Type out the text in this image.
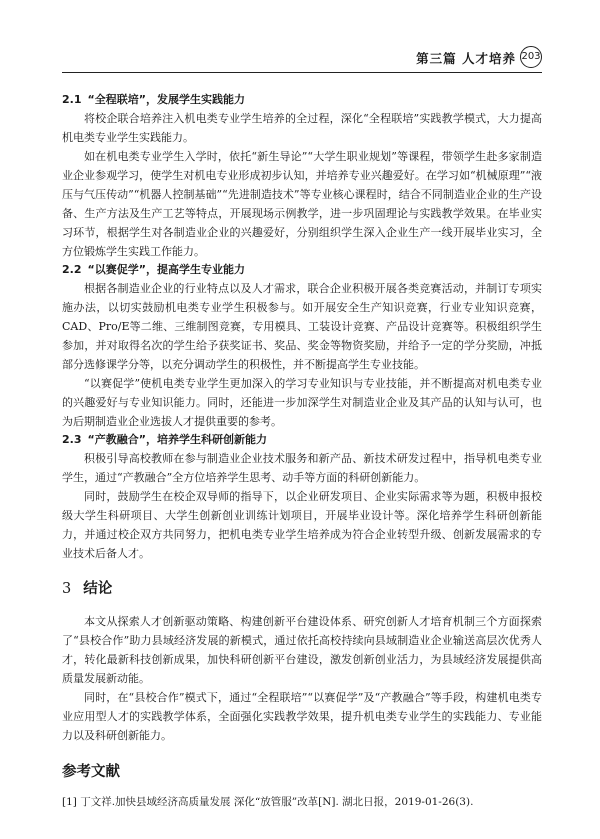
第三篇 人才培养 203

2.1 “全程联培”，发展学生实践能力

将校企联合培养注入机电类专业学生培养的全过程，深化“全程联培”实践教学模式，大力提高机电类专业学生实践能力。

如在机电类专业学生入学时，依托“新生导论”“大学生职业规划”等课程，带领学生赴多家制造业企业参观学习，使学生对机电专业形成初步认知，并培养专业兴趣爱好。在学习如“机械原理”“液压与气压传动”“机器人控制基础”“先进制造技术”等专业核心课程时，结合不同制造业企业的生产设备、生产方法及生产工艺等特点，开展现场示例教学，进一步巩固理论与实践教学效果。在毕业实习环节，根据学生对各制造业企业的兴趣爱好，分别组织学生深入企业生产一线开展毕业实习，全方位锻炼学生实践工作能力。

2.2 “以赛促学”，提高学生专业能力

根据各制造业企业的行业特点以及人才需求，联合企业积极开展各类竞赛活动，并制订专项实施办法，以切实鼓励机电类专业学生积极参与。如开展安全生产知识竞赛，行业专业知识竞赛，CAD、Pro/E等二维、三维制图竞赛，专用模具、工装设计竞赛、产品设计竞赛等。积极组织学生参加，并对取得名次的学生给予获奖证书、奖品、奖金等物资奖励，并给予一定的学分奖励，冲抵部分选修课学分等，以充分调动学生的积极性，并不断提高学生专业技能。

“以赛促学”使机电类专业学生更加深入的学习专业知识与专业技能，并不断提高对机电类专业的兴趣爱好与专业知识能力。同时，还能进一步加深学生对制造业企业及其产品的认知与认可，也为后期制造业企业选拔人才提供重要的参考。

2.3 “产教融合”，培养学生科研创新能力

积极引导高校教师在参与制造业企业技术服务和新产品、新技术研发过程中，指导机电类专业学生，通过“产教融合”全方位培养学生思考、动手等方面的科研创新能力。

同时，鼓励学生在校企双导师的指导下，以企业研发项目、企业实际需求等为题，积极申报校级大学生科研项目、大学生创新创业训练计划项目，开展毕业设计等。深化培养学生科研创新能力，并通过校企双方共同努力，把机电类专业学生培养成为符合企业转型升级、创新发展需求的专业技术后备人才。

3 结论

本文从探索人才创新驱动策略、构建创新平台建设体系、研究创新人才培育机制三个方面探索了“县校合作”助力县域经济发展的新模式，通过依托高校持续向县域制造业企业输送高层次优秀人才，转化最新科技创新成果，加快科研创新平台建设，激发创新创业活力，为县域经济发展提供高质量发展新动能。

同时，在“县校合作”模式下，通过“全程联培”“以赛促学”及“产教融合”等手段，构建机电类专业应用型人才的实践教学体系，全面强化实践教学效果，提升机电类专业学生的实践能力、专业能力以及科研创新能力。

参考文献

[1] 丁文祥.加快县域经济高质量发展 深化“放管服”改革[N]. 湖北日报，2019-01-26(3).
